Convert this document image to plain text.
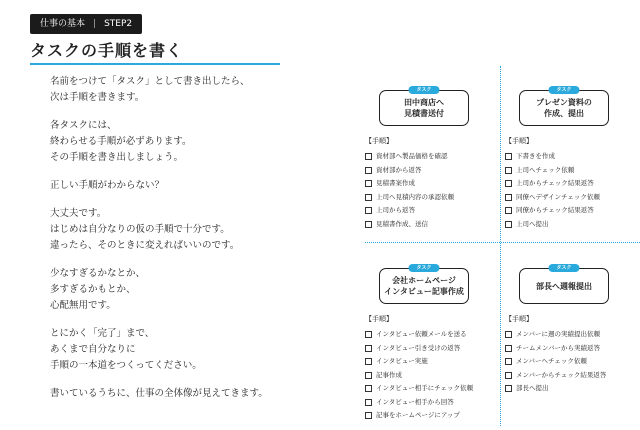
仕事の基本 | STEP2
タスクの手順を書く

名前をつけて「タスク」として書き出したら、
次は手順を書きます。

各タスクには、
終わらせる手順が必ずあります。
その手順を書き出しましょう。

正しい手順がわからない？

大丈夫です。
はじめは自分なりの仮の手順で十分です。
違ったら、そのときに変えればいいのです。

少なすぎるかなとか、
多すぎるかもとか、
心配無用です。

とにかく「完了」まで、
あくまで自分なりに
手順の一本道をつくってください。

書いているうちに、仕事の全体像が見えてきます。

タスク
田中商店へ
見積書送付
【手順】
資材部へ製品価格を確認
資材部から返答
見積書案作成
上司へ見積内容の承認依頼
上司から返答
見積書作成、送信
タスク
プレゼン資料の
作成、提出
【手順】
下書きを作成
上司へチェック依頼
上司からチェック結果返答
同僚へデザインチェック依頼
同僚からチェック結果返答
上司へ提出
タスク
会社ホームページ
インタビュー記事作成
【手順】
インタビュー依頼メールを送る
インタビュー引き受けの返答
インタビュー実施
記事作成
インタビュー相手にチェック依頼
インタビュー相手から回答
記事をホームページにアップ
タスク
部長へ週報提出
【手順】
メンバーに週の実績提出依頼
チームメンバーから実績返答
メンバーへチェック依頼
メンバーからチェック結果返答
部長へ提出
